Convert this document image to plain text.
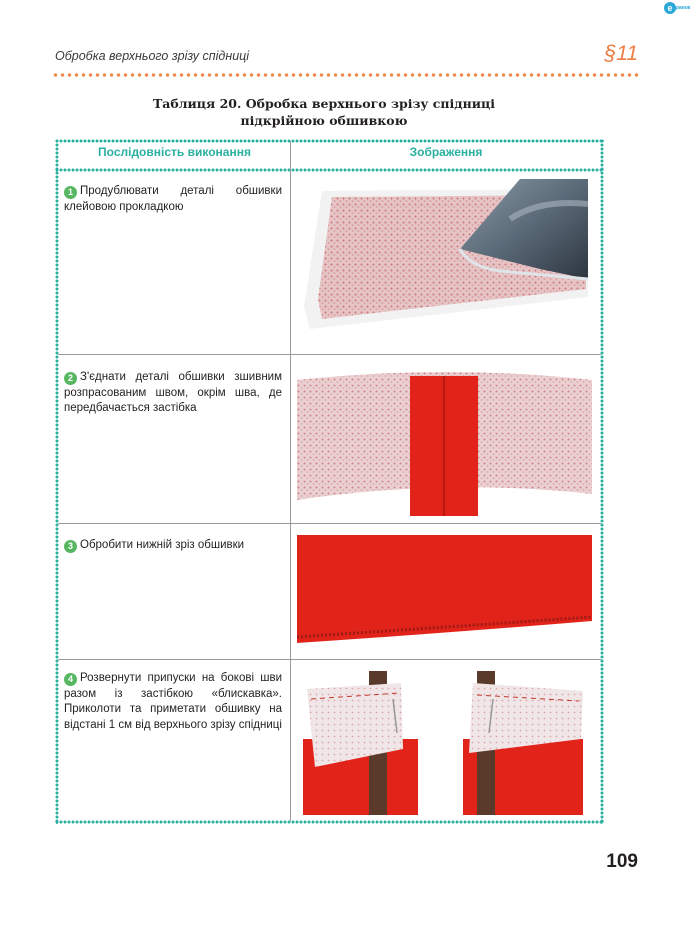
e ранок
Обробка верхнього зрізу спідниці	§11
Таблиця 20. Обробка верхнього зрізу спідниці
підкрійною обшивкою
Послідовність виконання	Зображення
1 Продублювати деталі обшивки клейовою прокладкою
2 З'єднати деталі обшивки зшивним розпрасованим швом, окрім шва, де передбачається застібка
3 Обробити нижній зріз обшивки
4 Розвернути припуски на бокові шви разом із застібкою «блискавка». Приколоти та приметати обшивку на відстані 1 см від верхнього зрізу спідниці
109
